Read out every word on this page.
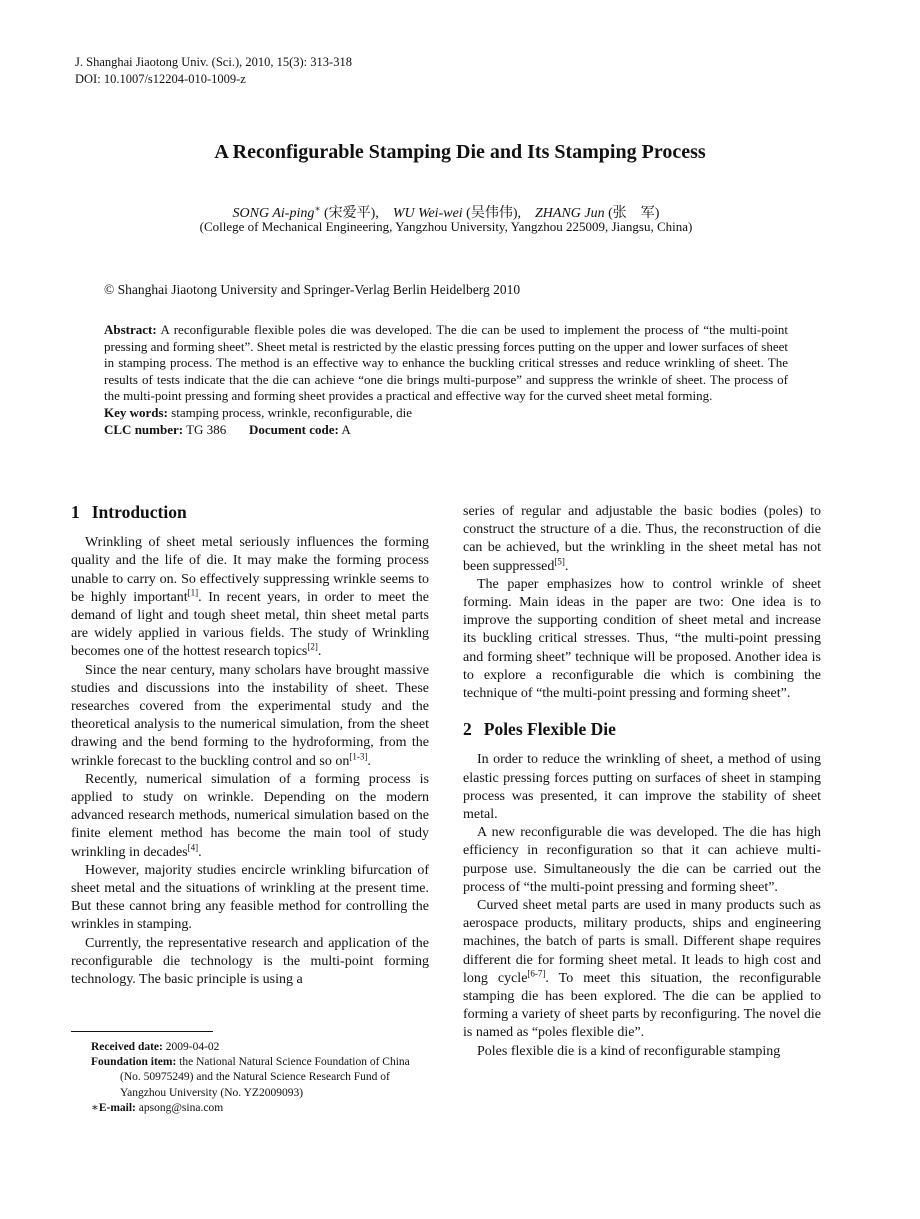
J. Shanghai Jiaotong Univ. (Sci.), 2010, 15(3): 313-318
DOI: 10.1007/s12204-010-1009-z
A Reconfigurable Stamping Die and Its Stamping Process
SONG Ai-ping∗ (宋爱平), WU Wei-wei (吴伟伟), ZHANG Jun (张　军)
(College of Mechanical Engineering, Yangzhou University, Yangzhou 225009, Jiangsu, China)
© Shanghai Jiaotong University and Springer-Verlag Berlin Heidelberg 2010

Abstract: A reconfigurable flexible poles die was developed. The die can be used to implement the process of “the multi-point pressing and forming sheet”. Sheet metal is restricted by the elastic pressing forces putting on the upper and lower surfaces of sheet in stamping process. The method is an effective way to enhance the buckling critical stresses and reduce wrinkling of sheet. The results of tests indicate that the die can achieve “one die brings multi-purpose” and suppress the wrinkle of sheet. The process of the multi-point pressing and forming sheet provides a practical and effective way for the curved sheet metal forming.

Key words: stamping process, wrinkle, reconfigurable, die

CLC number: TG 386 Document code: A

1 Introduction

Wrinkling of sheet metal seriously influences the forming quality and the life of die. It may make the forming process unable to carry on. So effectively suppressing wrinkle seems to be highly important[1]. In recent years, in order to meet the demand of light and tough sheet metal, thin sheet metal parts are widely applied in various fields. The study of Wrinkling becomes one of the hottest research topics[2].

Since the near century, many scholars have brought massive studies and discussions into the instability of sheet. These researches covered from the experimental study and the theoretical analysis to the numerical simulation, from the sheet drawing and the bend forming to the hydroforming, from the wrinkle forecast to the buckling control and so on[1-3].

Recently, numerical simulation of a forming process is applied to study on wrinkle. Depending on the modern advanced research methods, numerical simulation based on the finite element method has become the main tool of study wrinkling in decades[4].

However, majority studies encircle wrinkling bifurcation of sheet metal and the situations of wrinkling at the present time. But these cannot bring any feasible method for controlling the wrinkles in stamping.

Currently, the representative research and application of the reconfigurable die technology is the multi-point forming technology. The basic principle is using a

series of regular and adjustable the basic bodies (poles) to construct the structure of a die. Thus, the reconstruction of die can be achieved, but the wrinkling in the sheet metal has not been suppressed[5].

The paper emphasizes how to control wrinkle of sheet forming. Main ideas in the paper are two: One idea is to improve the supporting condition of sheet metal and increase its buckling critical stresses. Thus, “the multi-point pressing and forming sheet” technique will be proposed. Another idea is to explore a reconfigurable die which is combining the technique of “the multi-point pressing and forming sheet”.

2 Poles Flexible Die

In order to reduce the wrinkling of sheet, a method of using elastic pressing forces putting on surfaces of sheet in stamping process was presented, it can improve the stability of sheet metal.

A new reconfigurable die was developed. The die has high efficiency in reconfiguration so that it can achieve multi-purpose use. Simultaneously the die can be carried out the process of “the multi-point pressing and forming sheet”.

Curved sheet metal parts are used in many products such as aerospace products, military products, ships and engineering machines, the batch of parts is small. Different shape requires different die for forming sheet metal. It leads to high cost and long cycle[6-7]. To meet this situation, the reconfigurable stamping die has been explored. The die can be applied to forming a variety of sheet parts by reconfiguring. The novel die is named as “poles flexible die”.

Poles flexible die is a kind of reconfigurable stamping

Received date: 2009-04-02

Foundation item: the National Natural Science Foundation of China (No. 50975249) and the Natural Science Research Fund of Yangzhou University (No. YZ2009093)

∗E-mail: apsong@sina.com
